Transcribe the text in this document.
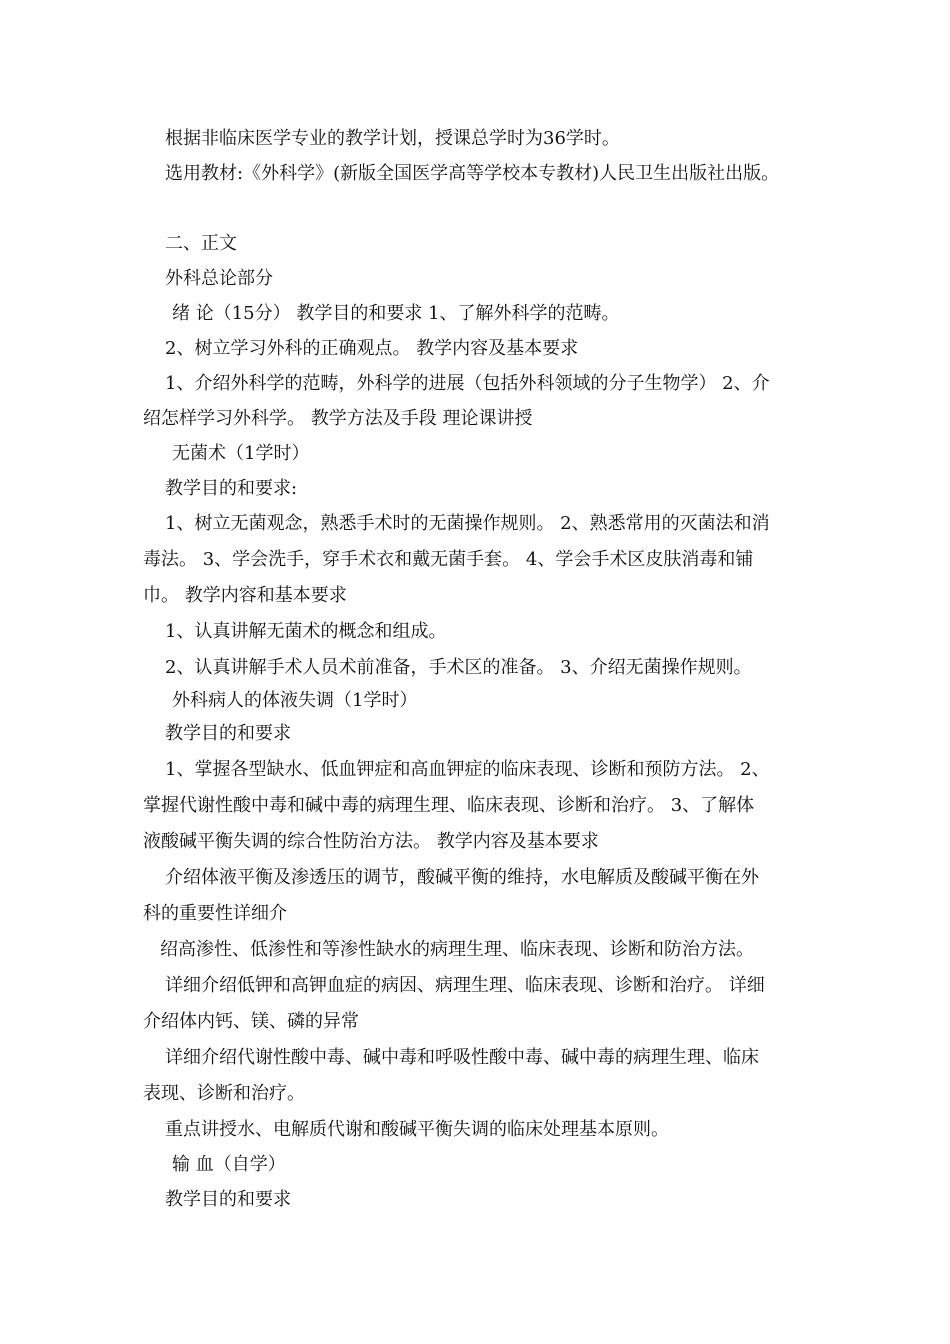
根据非临床医学专业的教学计划，授课总学时为36学时。
选用教材:《外科学》(新版全国医学高等学校本专教材)人民卫生出版社出版。
二、正文
外科总论部分
绪 论（15分） 教学目的和要求 1、了解外科学的范畴。
2、树立学习外科的正确观点。 教学内容及基本要求
1、介绍外科学的范畴，外科学的进展（包括外科领域的分子生物学） 2、介
绍怎样学习外科学。 教学方法及手段 理论课讲授
无菌术（1学时）
教学目的和要求:
1、树立无菌观念，熟悉手术时的无菌操作规则。 2、熟悉常用的灭菌法和消
毒法。 3、学会洗手，穿手术衣和戴无菌手套。 4、学会手术区皮肤消毒和铺
巾。 教学内容和基本要求
1、认真讲解无菌术的概念和组成。
2、认真讲解手术人员术前准备，手术区的准备。 3、介绍无菌操作规则。
外科病人的体液失调（1学时）
教学目的和要求
1、掌握各型缺水、低血钾症和高血钾症的临床表现、诊断和预防方法。 2、
掌握代谢性酸中毒和碱中毒的病理生理、临床表现、诊断和治疗。 3、了解体
液酸碱平衡失调的综合性防治方法。 教学内容及基本要求
介绍体液平衡及渗透压的调节，酸碱平衡的维持，水电解质及酸碱平衡在外
科的重要性详细介
绍高渗性、低渗性和等渗性缺水的病理生理、临床表现、诊断和防治方法。
详细介绍低钾和高钾血症的病因、病理生理、临床表现、诊断和治疗。 详细
介绍体内钙、镁、磷的异常
详细介绍代谢性酸中毒、碱中毒和呼吸性酸中毒、碱中毒的病理生理、临床
表现、诊断和治疗。
重点讲授水、电解质代谢和酸碱平衡失调的临床处理基本原则。
输 血（自学）
教学目的和要求
